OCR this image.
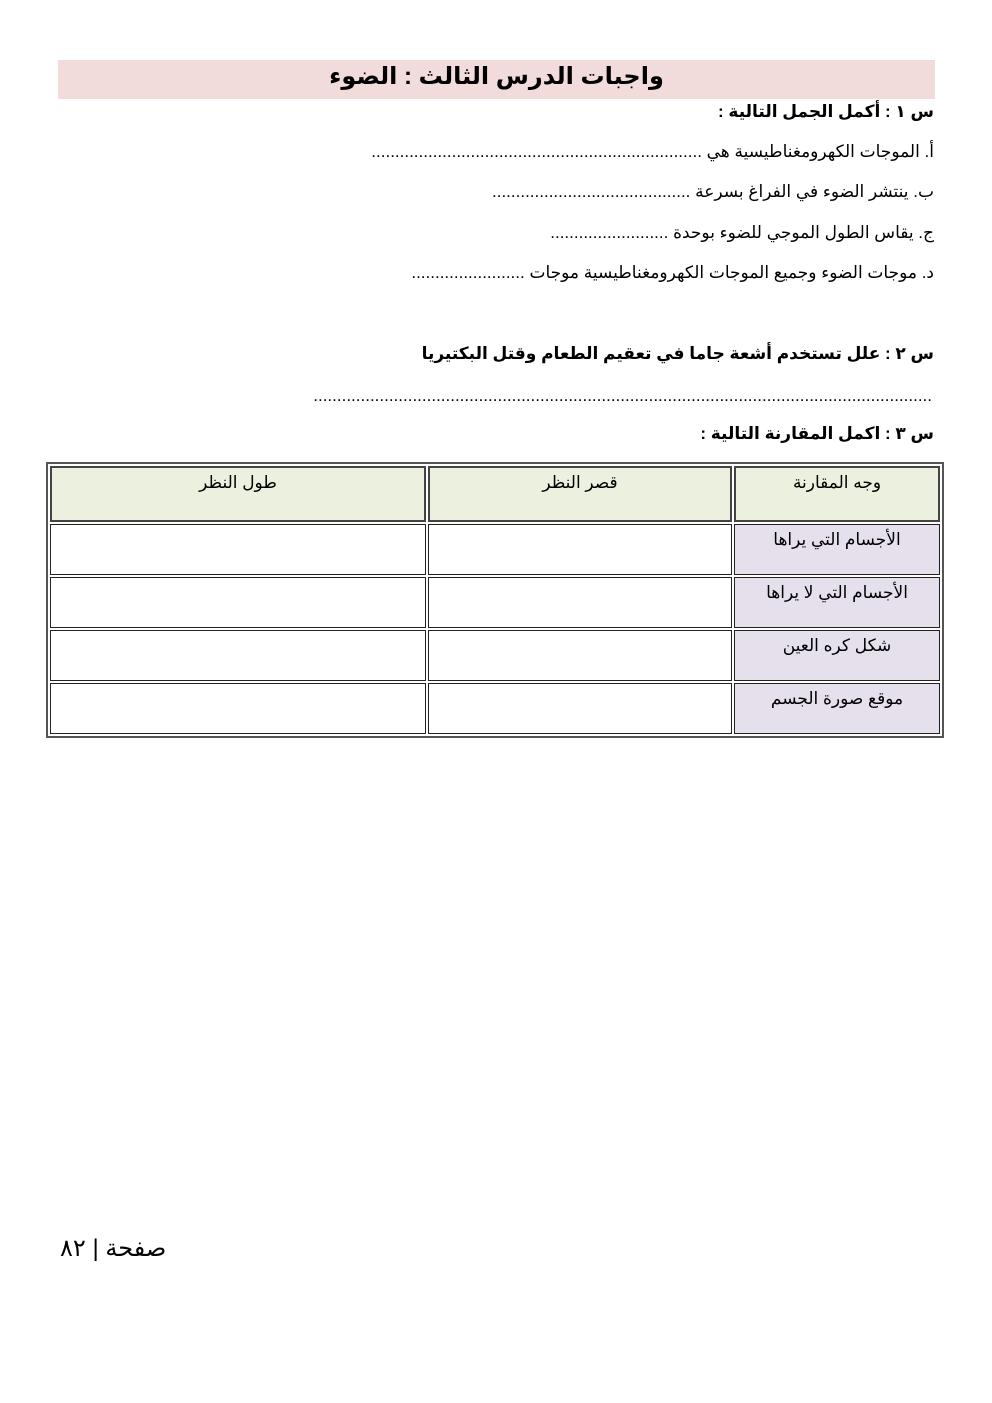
واجبات الدرس الثالث : الضوء
س ١ : أكمل الجمل التالية :
أ. الموجات الكهرومغناطيسية هي ......................................................................
ب. ينتشر الضوء في الفراغ بسرعة ..........................................
ج. يقاس الطول الموجي للضوء بوحدة .........................
د. موجات الضوء وجميع الموجات الكهرومغناطيسية موجات ........................
س ٢ : علل تستخدم أشعة جاما في تعقيم الطعام وقتل البكتيريا
...................................................................................................................................
س ٣ : اكمل المقارنة التالية :
وجه المقارنة	قصر النظر	طول النظر
الأجسام التي يراها		
الأجسام التي لا يراها		
شكل كره العين		
موقع صورة الجسم		
صفحة | ٨٢
